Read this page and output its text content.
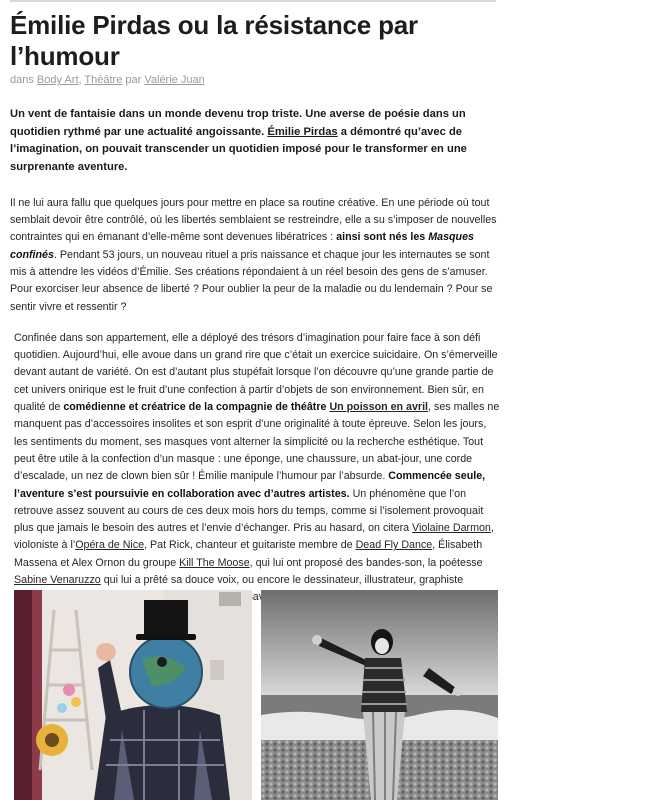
Émilie Pirdas ou la résistance par l’humour
dans Body Art, Théâtre par Valérie Juan

Un vent de fantaisie dans un monde devenu trop triste. Une averse de poésie dans un quotidien rythmé par une actualité angoissante. Émilie Pirdas a démontré qu’avec de l’imagination, on pouvait transcender un quotidien imposé pour le transformer en une surprenante aventure.

Il ne lui aura fallu que quelques jours pour mettre en place sa routine créative. En une période où tout semblait devoir être contrôlé, où les libertés semblaient se restreindre, elle a su s’imposer de nouvelles contraintes qui en émanant d’elle-même sont devenues libératrices : ainsi sont nés les Masques confinés. Pendant 53 jours, un nouveau rituel a pris naissance et chaque jour les internautes se sont mis à attendre les vidéos d’Émilie. Ses créations répondaient à un réel besoin des gens de s’amuser. Pour exorciser leur absence de liberté ? Pour oublier la peur de la maladie ou du lendemain ? Pour se sentir vivre et ressentir ?

Confinée dans son appartement, elle a déployé des trésors d’imagination pour faire face à son défi quotidien. Aujourd’hui, elle avoue dans un grand rire que c’était un exercice suicidaire. On s’émerveille devant autant de variété. On est d’autant plus stupéfait lorsque l’on découvre qu’une grande partie de cet univers onirique est le fruit d’une confection à partir d’objets de son environnement. Bien sûr, en qualité de comédienne et créatrice de la compagnie de théâtre Un poisson en avril, ses malles ne manquent pas d’accessoires insolites et son esprit d’une originalité à toute épreuve. Selon les jours, les sentiments du moment, ses masques vont alterner la simplicité ou la recherche esthétique. Tout peut être utile à la confection d’un masque : une éponge, une chaussure, un abat-jour, une corde d’escalade, un nez de clown bien sûr ! Émilie manipule l’humour par l’absurde. Commencée seule, l’aventure s’est poursuivie en collaboration avec d’autres artistes. Un phénomène que l’on retrouve assez souvent au cours de ces deux mois hors du temps, comme si l’isolement provoquait plus que jamais le besoin des autres et l’envie d’échanger. Pris au hasard, on citera Violaine Darmon, violoniste à l’Opéra de Nice, Pat Rick, chanteur et guitariste membre de Dead Fly Dance, Élisabeth Massena et Alex Ornon du groupe Kill The Moose, qui lui ont proposé des bandes-son, la poétesse Sabine Venaruzzo qui lui a prêté sa douce voix, ou encore le dessinateur, illustrateur, graphiste
